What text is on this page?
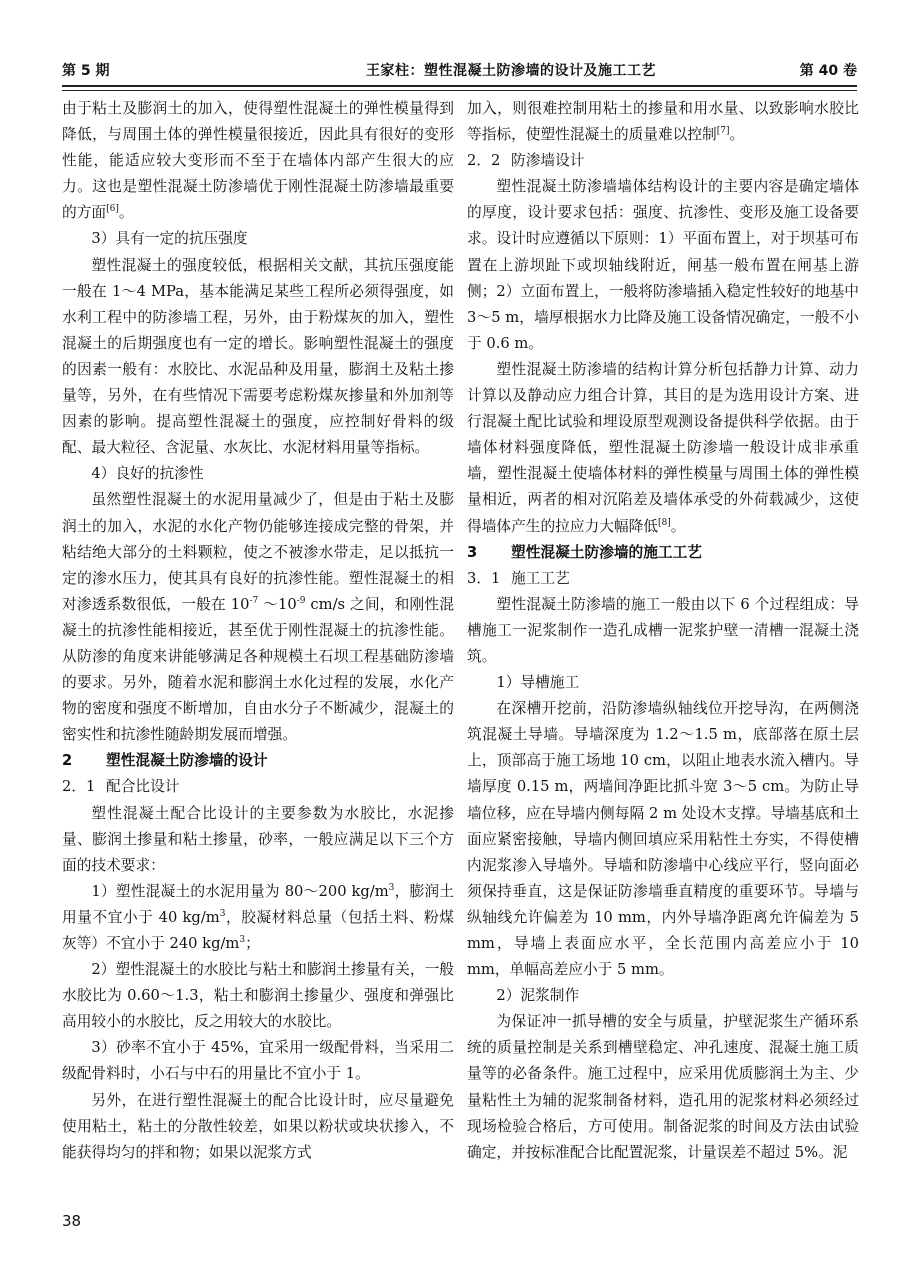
第 5 期	王家柱：塑性混凝土防渗墙的设计及施工工艺	第 40 卷

由于粘土及膨润土的加入，使得塑性混凝土的弹性模量得到降低，与周围土体的弹性模量很接近，因此具有很好的变形性能，能适应较大变形而不至于在墙体内部产生很大的应力。这也是塑性混凝土防渗墙优于刚性混凝土防渗墙最重要的方面[6]。

3）具有一定的抗压强度

塑性混凝土的强度较低，根据相关文献，其抗压强度能一般在 1～4 MPa，基本能满足某些工程所必须得强度，如水利工程中的防渗墙工程，另外，由于粉煤灰的加入，塑性混凝土的后期强度也有一定的增长。影响塑性混凝土的强度的因素一般有：水胶比、水泥品种及用量，膨润土及粘土掺量等，另外，在有些情况下需要考虑粉煤灰掺量和外加剂等因素的影响。提高塑性混凝土的强度，应控制好骨料的级配、最大粒径、含泥量、水灰比、水泥材料用量等指标。

4）良好的抗渗性

虽然塑性混凝土的水泥用量减少了，但是由于粘土及膨润土的加入，水泥的水化产物仍能够连接成完整的骨架，并粘结绝大部分的土料颗粒，使之不被渗水带走，足以抵抗一定的渗水压力，使其具有良好的抗渗性能。塑性混凝土的相对渗透系数很低，一般在 $10^{-7}$ $\sim 10^{-9}$ cm/s 之间，和刚性混凝土的抗渗性能相接近，甚至优于刚性混凝土的抗渗性能。从防渗的角度来讲能够满足各种规模土石坝工程基础防渗墙的要求。另外，随着水泥和膨润土水化过程的发展，水化产物的密度和强度不断增加，自由水分子不断减少，混凝土的密实性和抗渗性随龄期发展而增强。

2 塑性混凝土防渗墙的设计
2．1 配合比设计

塑性混凝土配合比设计的主要参数为水胶比，水泥掺量、膨润土掺量和粘土掺量，砂率，一般应满足以下三个方面的技术要求：

1）塑性混凝土的水泥用量为 80～200 $kg/m^3$，膨润土用量不宜小于 40 $kg/m^3$，胶凝材料总量（包括土料、粉煤灰等）不宜小于 240 $kg/m^3$；

2）塑性混凝土的水胶比与粘土和膨润土掺量有关，一般水胶比为 0.60～1.3，粘土和膨润土掺量少、强度和弹强比高用较小的水胶比，反之用较大的水胶比。

3）砂率不宜小于 45%，宜采用一级配骨料，当采用二级配骨料时，小石与中石的用量比不宜小于 1。

另外，在进行塑性混凝土的配合比设计时，应尽量避免使用粘土，粘土的分散性较差，如果以粉状或块状掺入，不能获得均匀的拌和物；如果以泥浆方式

加入，则很难控制用粘土的掺量和用水量、以致影响水胶比等指标，使塑性混凝土的质量难以控制[7]。

2．2 防渗墙设计

塑性混凝土防渗墙墙体结构设计的主要内容是确定墙体的厚度，设计要求包括：强度、抗渗性、变形及施工设备要求。设计时应遵循以下原则：1）平面布置上，对于坝基可布置在上游坝趾下或坝轴线附近，闸基一般布置在闸基上游侧；2）立面布置上，一般将防渗墙插入稳定性较好的地基中 3～5 m，墙厚根据水力比降及施工设备情况确定，一般不小于 0.6 m。

塑性混凝土防渗墙的结构计算分析包括静力计算、动力计算以及静动应力组合计算，其目的是为选用设计方案、进行混凝土配比试验和埋设原型观测设备提供科学依据。由于墙体材料强度降低，塑性混凝土防渗墙一般设计成非承重墙，塑性混凝土使墙体材料的弹性模量与周围土体的弹性模量相近，两者的相对沉陷差及墙体承受的外荷载减少，这使得墙体产生的拉应力大幅降低[8]。

3 塑性混凝土防渗墙的施工工艺
3．1 施工工艺

塑性混凝土防渗墙的施工一般由以下 6 个过程组成：导槽施工一泥浆制作一造孔成槽一泥浆护壁一清槽一混凝土浇筑。

1）导槽施工

在深槽开挖前，沿防渗墙纵轴线位开挖导沟，在两侧浇筑混凝土导墙。导墙深度为 1.2～1.5 m，底部落在原土层上，顶部高于施工场地 10 cm，以阻止地表水流入槽内。导墙厚度 0.15 m，两墙间净距比抓斗宽 3～5 cm。为防止导墙位移，应在导墙内侧每隔 2 m 处设木支撑。导墙基底和土面应紧密接触，导墙内侧回填应采用粘性土夯实，不得使槽内泥浆渗入导墙外。导墙和防渗墙中心线应平行，竖向面必须保持垂直，这是保证防渗墙垂直精度的重要环节。导墙与纵轴线允许偏差为 10 mm，内外导墙净距离允许偏差为 5 mm，导墙上表面应水平，全长范围内高差应小于 10 mm，单幅高差应小于 5 mm。

2）泥浆制作

为保证冲一抓导槽的安全与质量，护壁泥浆生产循环系统的质量控制是关系到槽壁稳定、冲孔速度、混凝土施工质量等的必备条件。施工过程中，应采用优质膨润土为主、少量粘性土为辅的泥浆制备材料，造孔用的泥浆材料必须经过现场检验合格后，方可使用。制备泥浆的时间及方法由试验确定，并按标准配合比配置泥浆，计量误差不超过 5%。泥

38
